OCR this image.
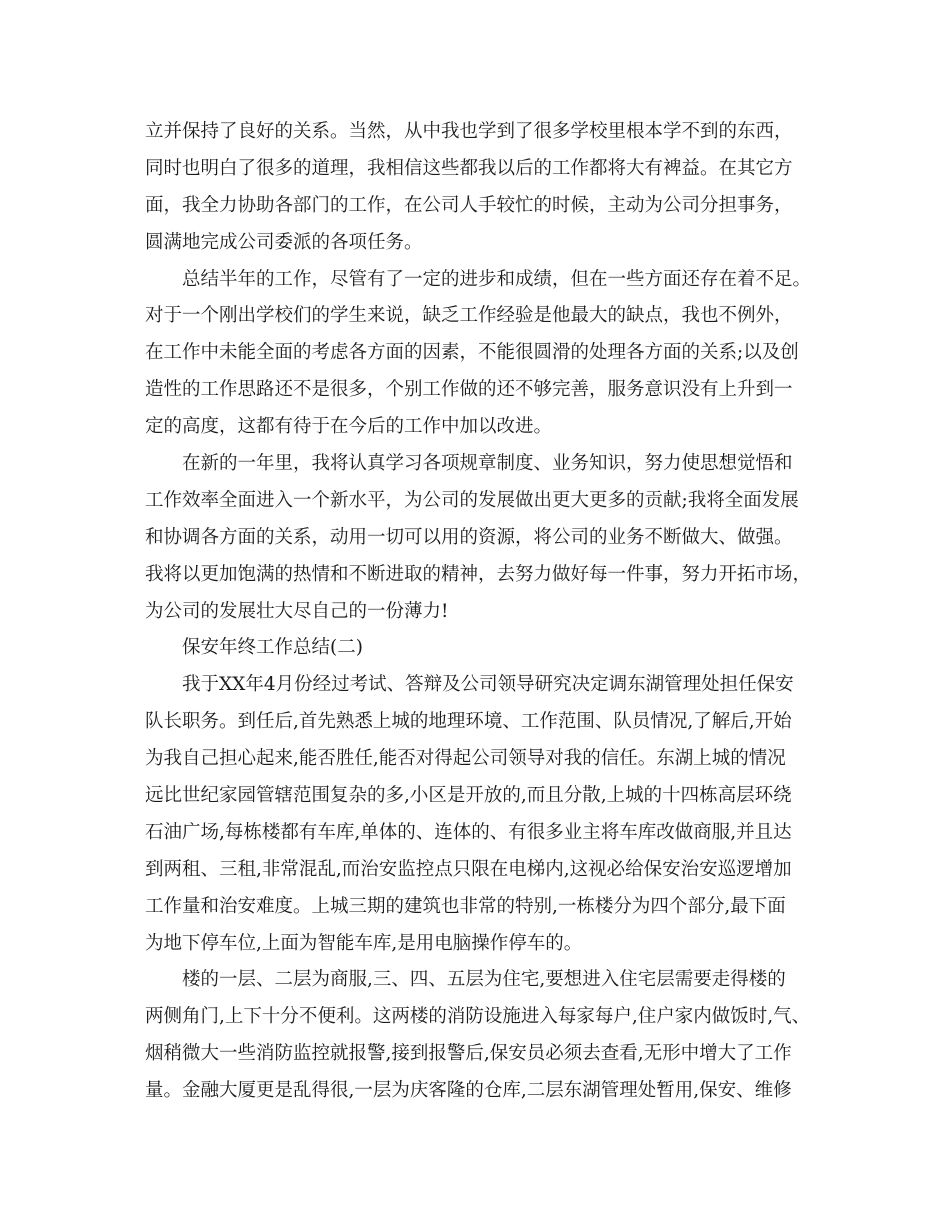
立并保持了良好的关系。当然，从中我也学到了很多学校里根本学不到的东西，
同时也明白了很多的道理，我相信这些都我以后的工作都将大有裨益。在其它方
面，我全力协助各部门的工作，在公司人手较忙的时候，主动为公司分担事务，
圆满地完成公司委派的各项任务。
总结半年的工作，尽管有了一定的进步和成绩，但在一些方面还存在着不足。
对于一个刚出学校们的学生来说，缺乏工作经验是他最大的缺点，我也不例外，
在工作中未能全面的考虑各方面的因素，不能很圆滑的处理各方面的关系;以及创
造性的工作思路还不是很多，个别工作做的还不够完善，服务意识没有上升到一
定的高度，这都有待于在今后的工作中加以改进。
在新的一年里，我将认真学习各项规章制度、业务知识，努力使思想觉悟和
工作效率全面进入一个新水平，为公司的发展做出更大更多的贡献;我将全面发展
和协调各方面的关系，动用一切可以用的资源，将公司的业务不断做大、做强。
我将以更加饱满的热情和不断进取的精神，去努力做好每一件事，努力开拓市场，
为公司的发展壮大尽自己的一份薄力!
保安年终工作总结(二)
我于XX年4月份经过考试、答辩及公司领导研究决定调东湖管理处担任保安
队长职务。到任后,首先熟悉上城的地理环境、工作范围、队员情况,了解后,开始
为我自己担心起来,能否胜任,能否对得起公司领导对我的信任。东湖上城的情况
远比世纪家园管辖范围复杂的多,小区是开放的,而且分散,上城的十四栋高层环绕
石油广场,每栋楼都有车库,单体的、连体的、有很多业主将车库改做商服,并且达
到两租、三租,非常混乱,而治安监控点只限在电梯内,这视必给保安治安巡逻增加
工作量和治安难度。上城三期的建筑也非常的特别,一栋楼分为四个部分,最下面
为地下停车位,上面为智能车库,是用电脑操作停车的。
楼的一层、二层为商服,三、四、五层为住宅,要想进入住宅层需要走得楼的
两侧角门,上下十分不便利。这两楼的消防设施进入每家每户,住户家内做饭时,气、
烟稍微大一些消防监控就报警,接到报警后,保安员必须去查看,无形中增大了工作
量。金融大厦更是乱得很,一层为庆客隆的仓库,二层东湖管理处暂用,保安、维修
